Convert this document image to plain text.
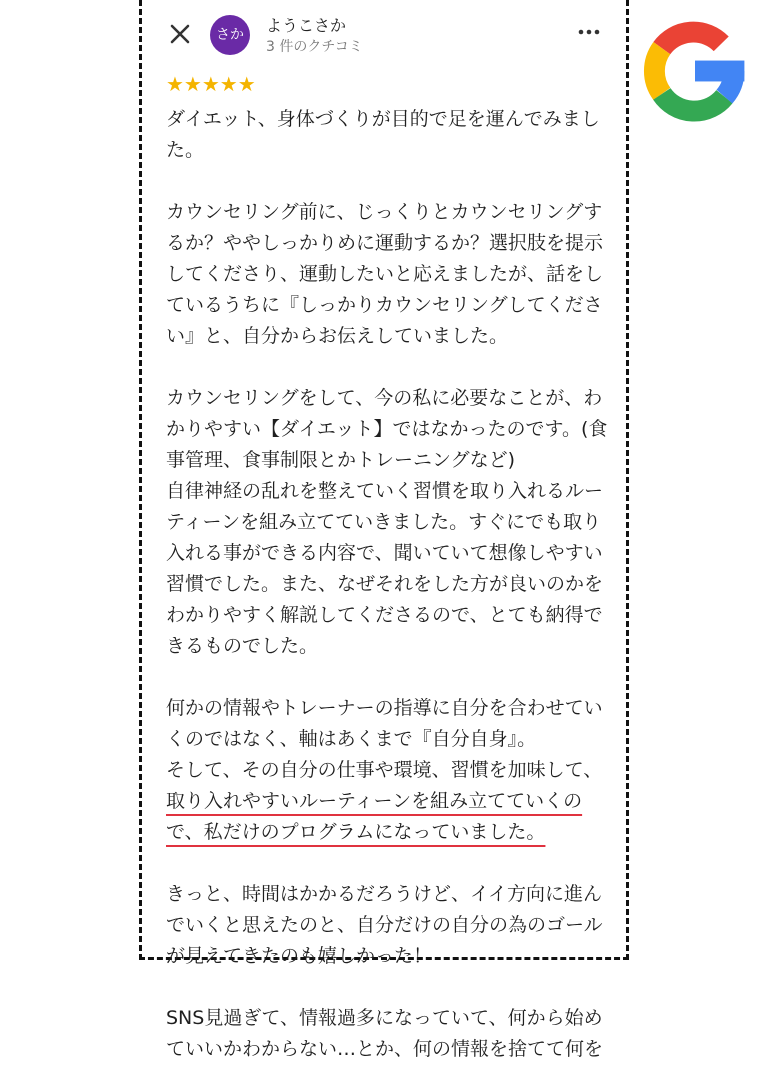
さか	ようこさか
3 件のクチコミ
★★★★★

ダイエット、身体づくりが目的で足を運んでみました。

カウンセリング前に、じっくりとカウンセリングするか？ややしっかりめに運動するか？選択肢を提示してくださり、運動したいと応えましたが、話をしているうちに『しっかりカウンセリングしてください』と、自分からお伝えしていました。

カウンセリングをして、今の私に必要なことが、わかりやすい【ダイエット】ではなかったのです。(食事管理、食事制限とかトレーニングなど)

自律神経の乱れを整えていく習慣を取り入れるルーティーンを組み立てていきました。すぐにでも取り入れる事ができる内容で、聞いていて想像しやすい習慣でした。また、なぜそれをした方が良いのかをわかりやすく解説してくださるので、とても納得できるものでした。

何かの情報やトレーナーの指導に自分を合わせていくのではなく、軸はあくまで『自分自身』。

そして、その自分の仕事や環境、習慣を加味して、取り入れやすいルーティーンを組み立てていくので、私だけのプログラムになっていました。

きっと、時間はかかるだろうけど、イイ方向に進んでいくと思えたのと、自分だけの自分の為のゴールが見えてきたのも嬉しかった！

SNS見過ぎて、情報過多になっていて、何から始めていいかわからない…とか、何の情報を捨てて何を
